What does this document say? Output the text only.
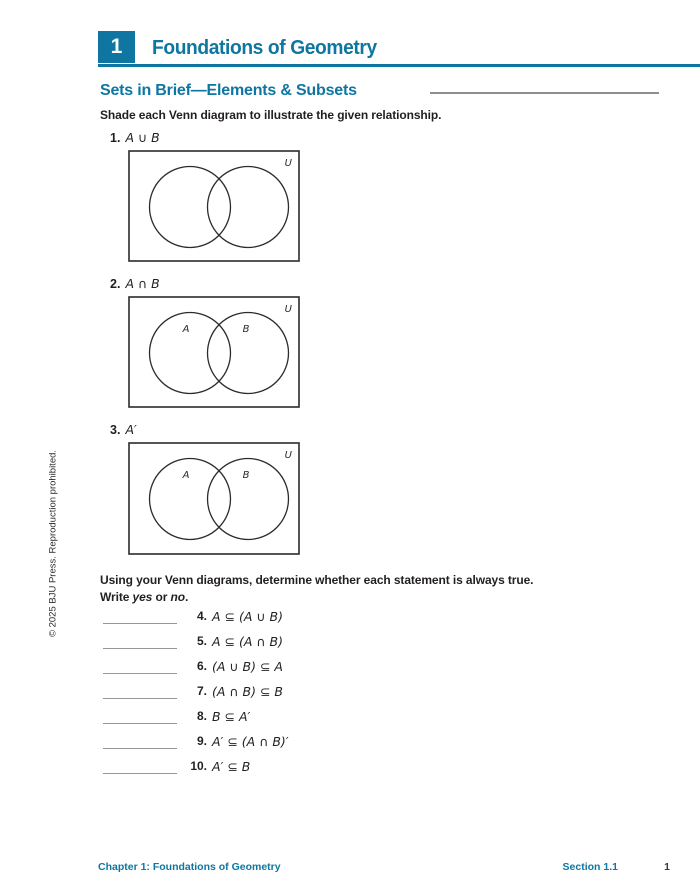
© 2025 BJU Press. Reproduction prohibited.
1 Foundations of Geometry
Sets in Brief—Elements & Subsets

Shade each Venn diagram to illustrate the given relationship.

1. A ∪ B

U

2. A ∩ B

U
A	B

3. A′

U
A	B

Using your Venn diagrams, determine whether each statement is always true.
Write yes or no.

4. A ⊆ (A ∪ B)
5. A ⊆ (A ∩ B)
6. (A ∪ B) ⊆ A
7. (A ∩ B) ⊆ B
8. B ⊆ A′
9. A′ ⊆ (A ∩ B)′
10. A′ ⊆ B
Chapter 1: Foundations of Geometry	Section 1.1	1
